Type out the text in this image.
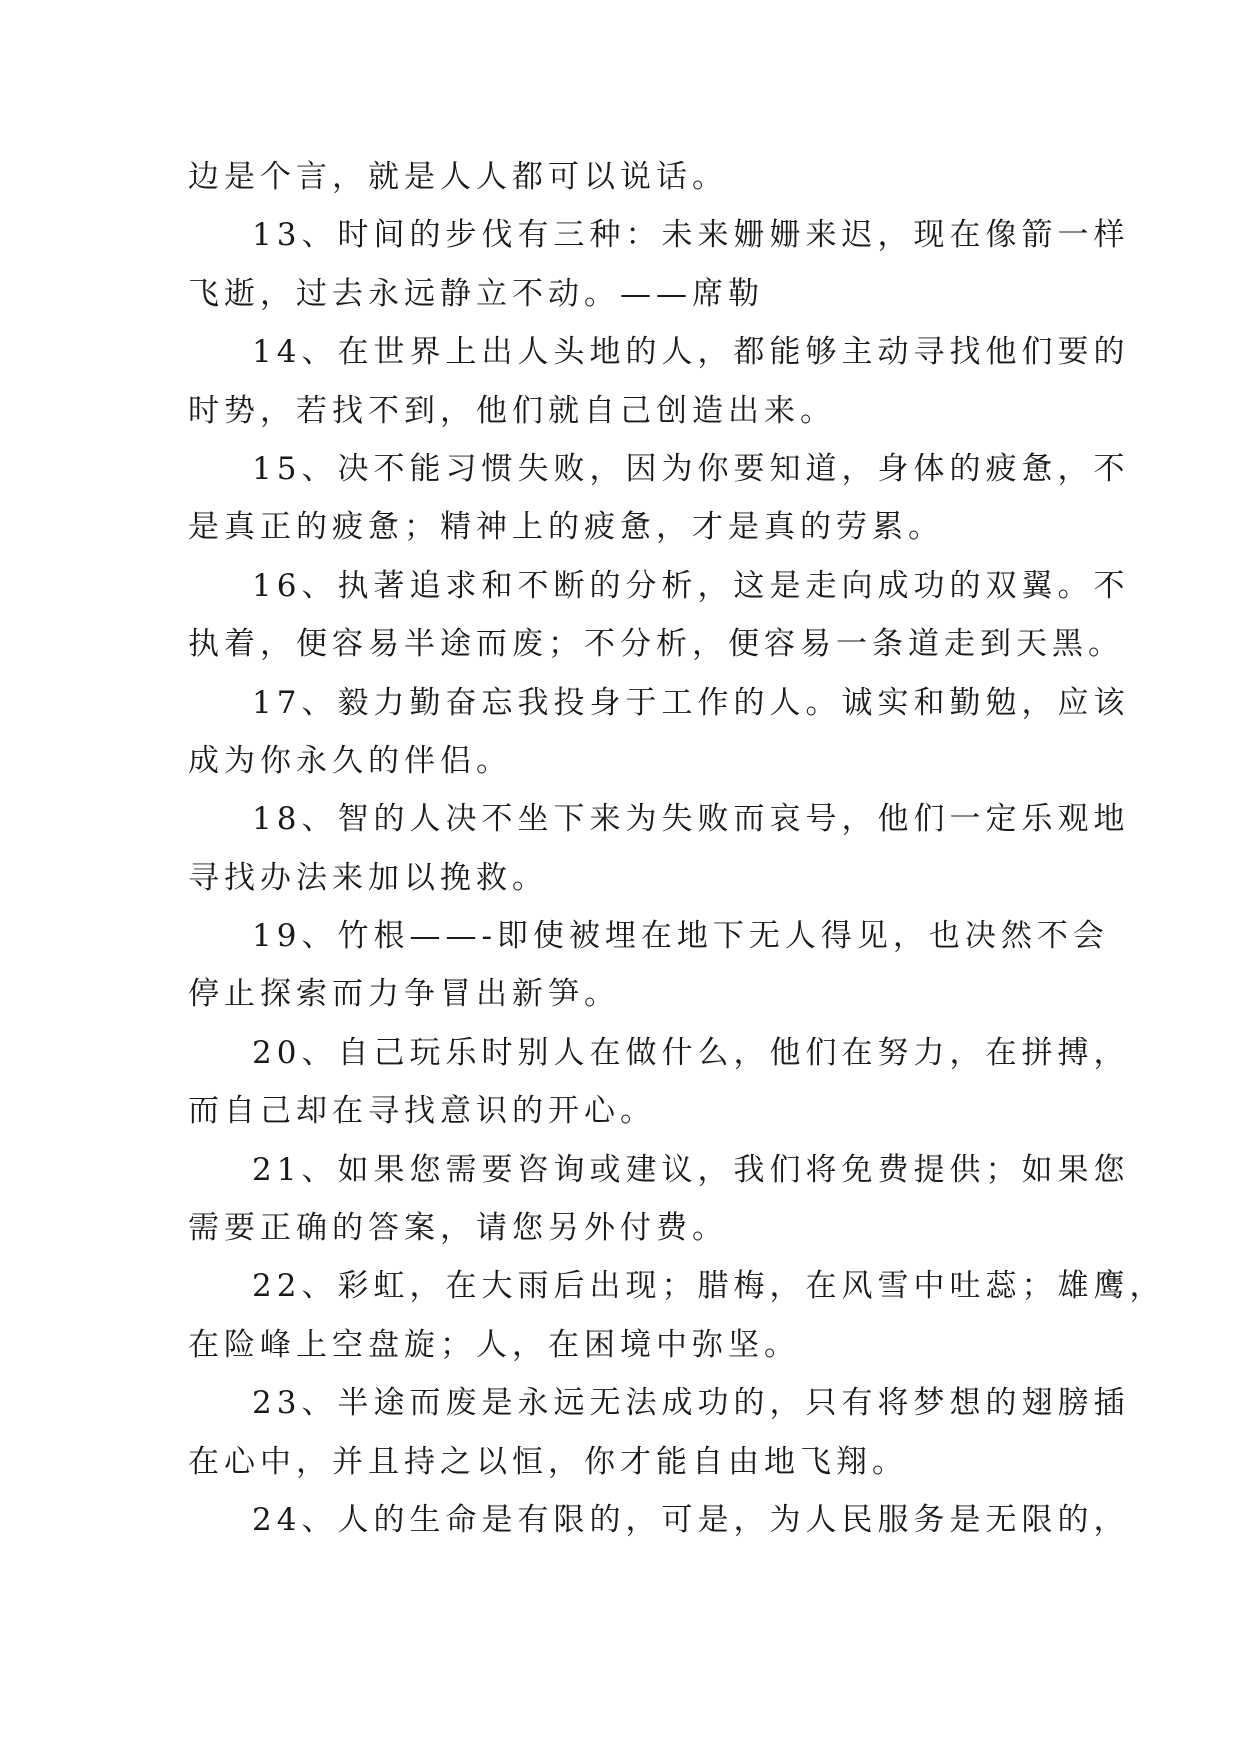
边是个言，就是人人都可以说话。
13、时间的步伐有三种：未来姗姗来迟，现在像箭一样
飞逝，过去永远静立不动。——席勒
14、在世界上出人头地的人，都能够主动寻找他们要的
时势，若找不到，他们就自己创造出来。
15、决不能习惯失败，因为你要知道，身体的疲惫，不
是真正的疲惫；精神上的疲惫，才是真的劳累。
16、执著追求和不断的分析，这是走向成功的双翼。不
执着，便容易半途而废；不分析，便容易一条道走到天黑。
17、毅力勤奋忘我投身于工作的人。诚实和勤勉，应该
成为你永久的伴侣。
18、智的人决不坐下来为失败而哀号，他们一定乐观地
寻找办法来加以挽救。
19、竹根——-即使被埋在地下无人得见，也决然不会
停止探索而力争冒出新笋。
20、自己玩乐时别人在做什么，他们在努力，在拼搏，
而自己却在寻找意识的开心。
21、如果您需要咨询或建议，我们将免费提供；如果您
需要正确的答案，请您另外付费。
22、彩虹，在大雨后出现；腊梅，在风雪中吐蕊；雄鹰，
在险峰上空盘旋；人，在困境中弥坚。
23、半途而废是永远无法成功的，只有将梦想的翅膀插
在心中，并且持之以恒，你才能自由地飞翔。
24、人的生命是有限的，可是，为人民服务是无限的，
